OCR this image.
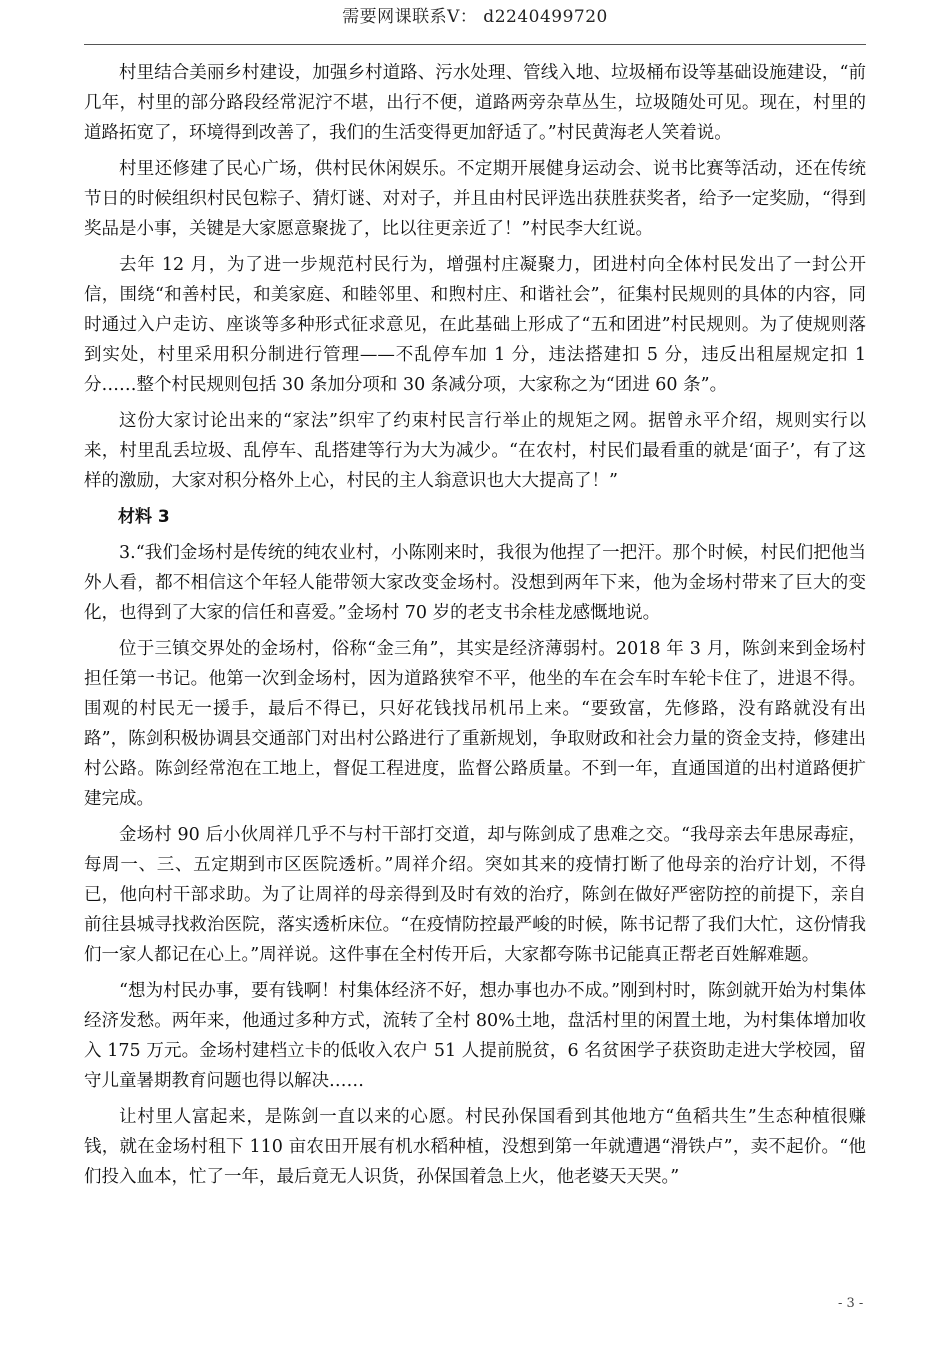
需要网课联系V： d2240499720

村里结合美丽乡村建设，加强乡村道路、污水处理、管线入地、垃圾桶布设等基础设施建设，“前几年，村里的部分路段经常泥泞不堪，出行不便，道路两旁杂草丛生，垃圾随处可见。现在，村里的道路拓宽了，环境得到改善了，我们的生活变得更加舒适了。”村民黄海老人笑着说。

村里还修建了民心广场，供村民休闲娱乐。不定期开展健身运动会、说书比赛等活动，还在传统节日的时候组织村民包粽子、猜灯谜、对对子，并且由村民评选出获胜获奖者，给予一定奖励，“得到奖品是小事，关键是大家愿意聚拢了，比以往更亲近了！”村民李大红说。

去年 12 月，为了进一步规范村民行为，增强村庄凝聚力，团进村向全体村民发出了一封公开信，围绕“和善村民，和美家庭、和睦邻里、和煦村庄、和谐社会”，征集村民规则的具体的内容，同时通过入户走访、座谈等多种形式征求意见，在此基础上形成了“五和团进”村民规则。为了使规则落到实处，村里采用积分制进行管理——不乱停车加 1 分，违法搭建扣 5 分，违反出租屋规定扣 1 分……整个村民规则包括 30 条加分项和 30 条减分项，大家称之为“团进 60 条”。

这份大家讨论出来的“家法”织牢了约束村民言行举止的规矩之网。据曾永平介绍，规则实行以来，村里乱丢垃圾、乱停车、乱搭建等行为大为减少。“在农村，村民们最看重的就是‘面子’，有了这样的激励，大家对积分格外上心，村民的主人翁意识也大大提高了！”

材料 3

3.“我们金场村是传统的纯农业村，小陈刚来时，我很为他捏了一把汗。那个时候，村民们把他当外人看，都不相信这个年轻人能带领大家改变金场村。没想到两年下来，他为金场村带来了巨大的变化，也得到了大家的信任和喜爱。”金场村 70 岁的老支书余桂龙感慨地说。

位于三镇交界处的金场村，俗称“金三角”，其实是经济薄弱村。2018 年 3 月，陈剑来到金场村担任第一书记。他第一次到金场村，因为道路狭窄不平，他坐的车在会车时车轮卡住了，进退不得。围观的村民无一援手，最后不得已，只好花钱找吊机吊上来。“要致富，先修路，没有路就没有出路”，陈剑积极协调县交通部门对出村公路进行了重新规划，争取财政和社会力量的资金支持，修建出村公路。陈剑经常泡在工地上，督促工程进度，监督公路质量。不到一年，直通国道的出村道路便扩建完成。

金场村 90 后小伙周祥几乎不与村干部打交道，却与陈剑成了患难之交。“我母亲去年患尿毒症，每周一、三、五定期到市区医院透析。”周祥介绍。突如其来的疫情打断了他母亲的治疗计划，不得已，他向村干部求助。为了让周祥的母亲得到及时有效的治疗，陈剑在做好严密防控的前提下，亲自前往县城寻找救治医院，落实透析床位。“在疫情防控最严峻的时候，陈书记帮了我们大忙，这份情我们一家人都记在心上。”周祥说。这件事在全村传开后，大家都夸陈书记能真正帮老百姓解难题。

“想为村民办事，要有钱啊！村集体经济不好，想办事也办不成。”刚到村时，陈剑就开始为村集体经济发愁。两年来，他通过多种方式，流转了全村 80%土地，盘活村里的闲置土地，为村集体增加收入 175 万元。金场村建档立卡的低收入农户 51 人提前脱贫，6 名贫困学子获资助走进大学校园，留守儿童暑期教育问题也得以解决……

让村里人富起来，是陈剑一直以来的心愿。村民孙保国看到其他地方“鱼稻共生”生态种植很赚钱，就在金场村租下 110 亩农田开展有机水稻种植，没想到第一年就遭遇“滑铁卢”，卖不起价。“他们投入血本，忙了一年，最后竟无人识货，孙保国着急上火，他老婆天天哭。”

- 3 -
